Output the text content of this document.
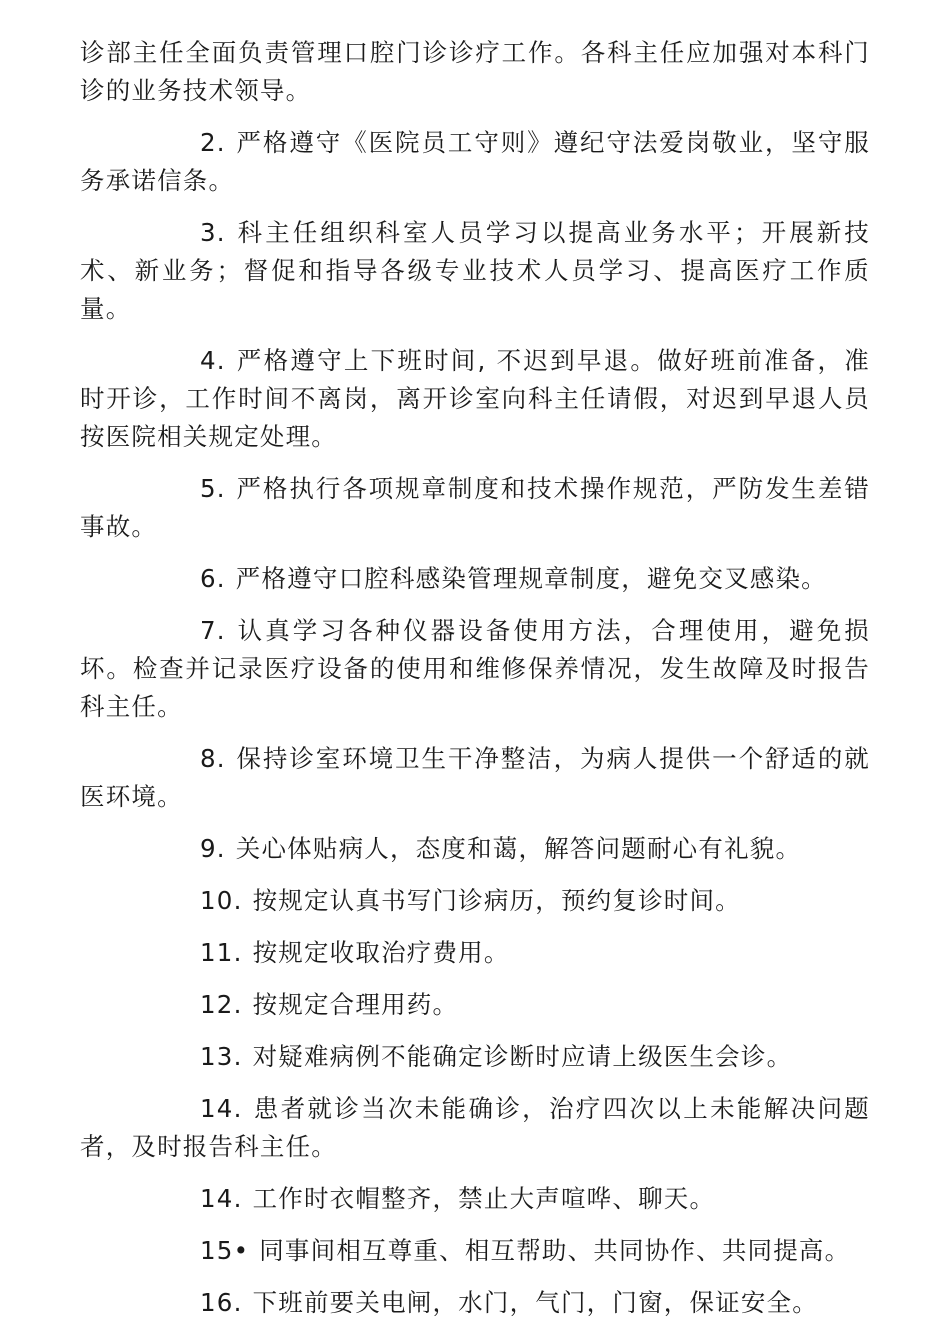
诊部主任全面负责管理口腔门诊诊疗工作。各科主任应加强对本科门诊的业务技术领导。

2. 严格遵守《医院员工守则》遵纪守法爱岗敬业，坚守服务承诺信条。

3. 科主任组织科室人员学习以提高业务水平；开展新技术、新业务；督促和指导各级专业技术人员学习、提高医疗工作质量。

4. 严格遵守上下班时间, 不迟到早退。做好班前准备，准时开诊，工作时间不离岗，离开诊室向科主任请假，对迟到早退人员按医院相关规定处理。

5. 严格执行各项规章制度和技术操作规范，严防发生差错事故。

6. 严格遵守口腔科感染管理规章制度，避免交叉感染。

7. 认真学习各种仪器设备使用方法，合理使用，避免损坏。检查并记录医疗设备的使用和维修保养情况，发生故障及时报告科主任。

8. 保持诊室环境卫生干净整洁，为病人提供一个舒适的就医环境。

9. 关心体贴病人，态度和蔼，解答问题耐心有礼貌。

10. 按规定认真书写门诊病历，预约复诊时间。

11. 按规定收取治疗费用。

12. 按规定合理用药。

13. 对疑难病例不能确定诊断时应请上级医生会诊。

14. 患者就诊当次未能确诊，治疗四次以上未能解决问题者，及时报告科主任。

14. 工作时衣帽整齐，禁止大声喧哗、聊天。

15• 同事间相互尊重、相互帮助、共同协作、共同提高。

16. 下班前要关电闸，水门，气门，门窗，保证安全。
